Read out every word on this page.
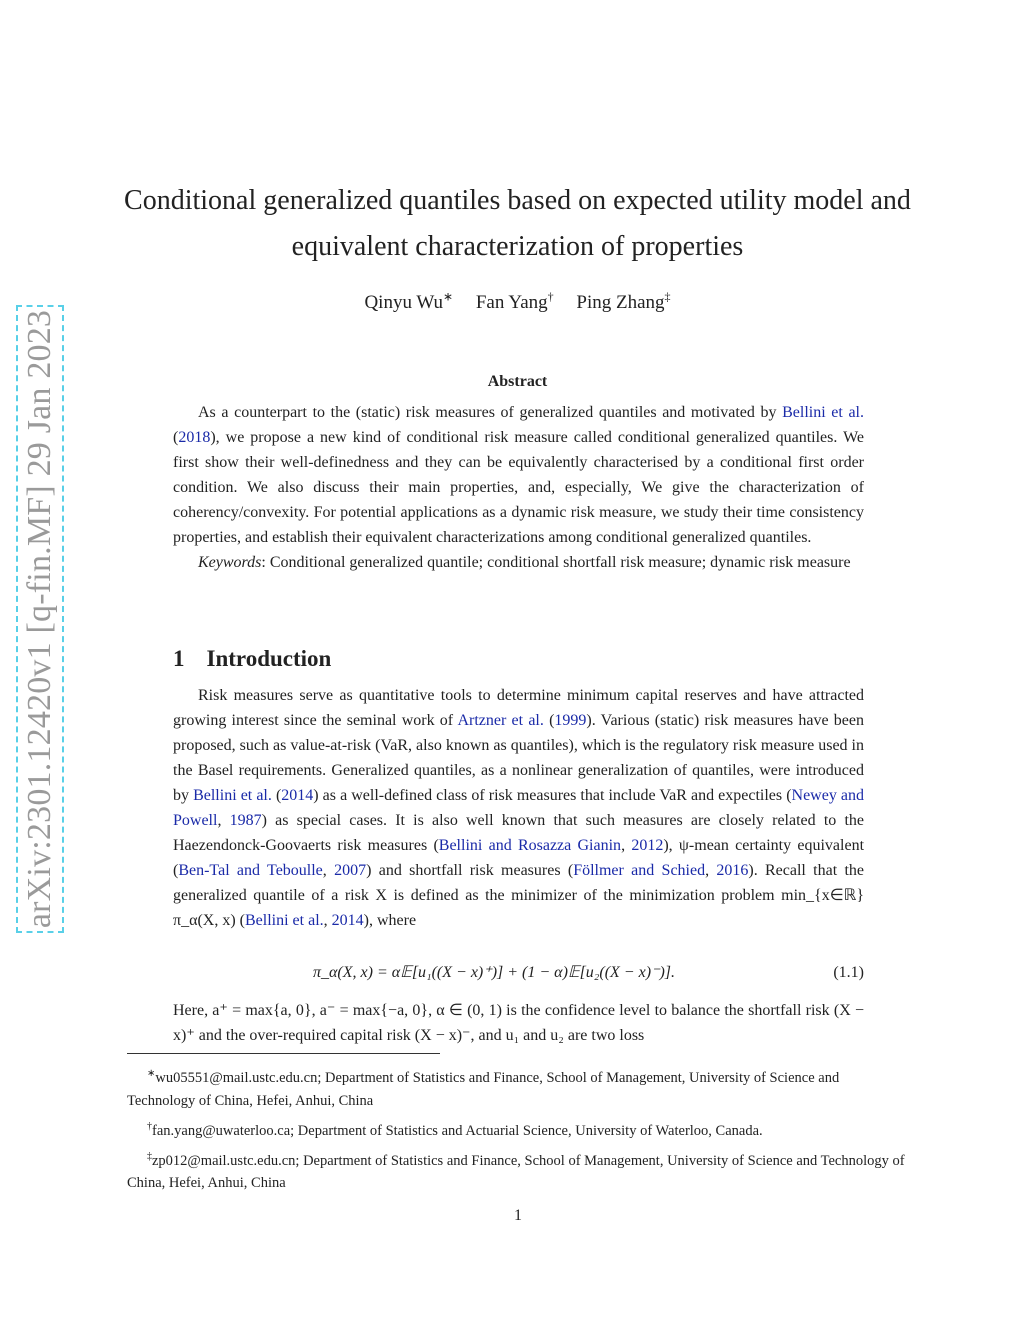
arXiv:2301.12420v1 [q-fin.MF] 29 Jan 2023
Conditional generalized quantiles based on expected utility model and equivalent characterization of properties
Qinyu Wu∗ Fan Yang† Ping Zhang‡
Abstract

As a counterpart to the (static) risk measures of generalized quantiles and motivated by Bellini et al. (2018), we propose a new kind of conditional risk measure called conditional generalized quantiles. We first show their well-definedness and they can be equivalently characterised by a conditional first order condition. We also discuss their main properties, and, especially, We give the characterization of coherency/convexity. For potential applications as a dynamic risk measure, we study their time consistency properties, and establish their equivalent characterizations among conditional generalized quantiles.

Keywords: Conditional generalized quantile; conditional shortfall risk measure; dynamic risk measure

1 Introduction

Risk measures serve as quantitative tools to determine minimum capital reserves and have attracted growing interest since the seminal work of Artzner et al. (1999). Various (static) risk measures have been proposed, such as value-at-risk (VaR, also known as quantiles), which is the regulatory risk measure used in the Basel requirements. Generalized quantiles, as a nonlinear generalization of quantiles, were introduced by Bellini et al. (2014) as a well-defined class of risk measures that include VaR and expectiles (Newey and Powell, 1987) as special cases. It is also well known that such measures are closely related to the Haezendonck-Goovaerts risk measures (Bellini and Rosazza Gianin, 2012), ψ-mean certainty equivalent (Ben-Tal and Teboulle, 2007) and shortfall risk measures (Föllmer and Schied, 2016). Recall that the generalized quantile of a risk X is defined as the minimizer of the minimization problem min_{x∈ℝ} π_α(X, x) (Bellini et al., 2014), where

π_α(X, x) = α𝔼[u₁((X − x)⁺)] + (1 − α)𝔼[u₂((X − x)⁻)].	(1.1)

Here, a⁺ = max{a, 0}, a⁻ = max{−a, 0}, α ∈ (0, 1) is the confidence level to balance the shortfall risk (X − x)⁺ and the over-required capital risk (X − x)⁻, and u₁ and u₂ are two loss

∗wu05551@mail.ustc.edu.cn; Department of Statistics and Finance, School of Management, University of Science and Technology of China, Hefei, Anhui, China

†fan.yang@uwaterloo.ca; Department of Statistics and Actuarial Science, University of Waterloo, Canada.

‡zp012@mail.ustc.edu.cn; Department of Statistics and Finance, School of Management, University of Science and Technology of China, Hefei, Anhui, China

1
